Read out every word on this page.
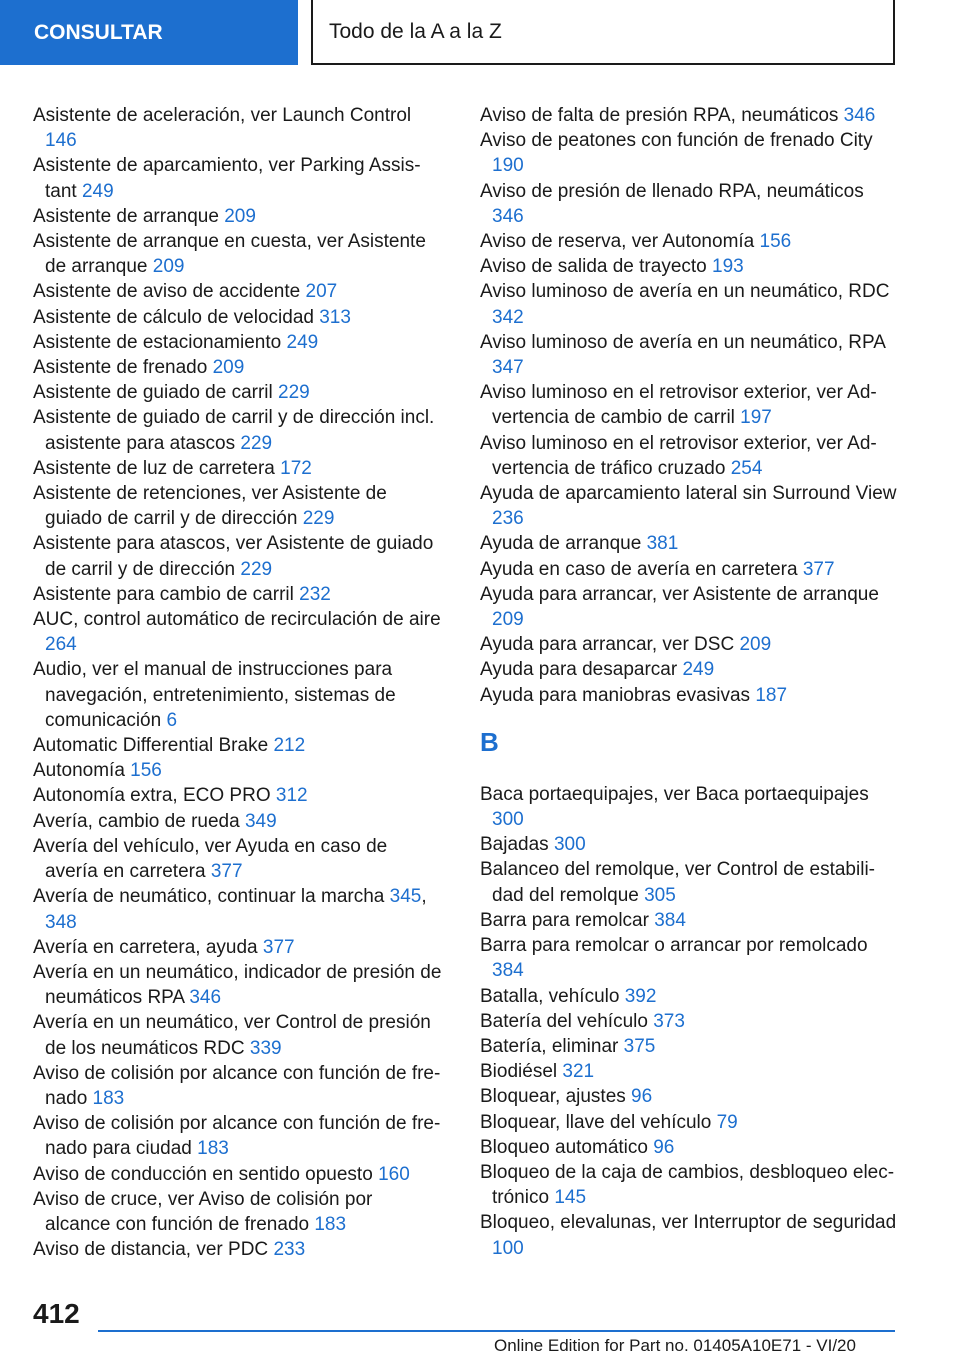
CONSULTAR	Todo de la A a la Z
Asistente de aceleración, ver Launch Control 146
Asistente de aparcamiento, ver Parking Assistant 249
Asistente de arranque 209
Asistente de arranque en cuesta, ver Asistente de arranque 209
Asistente de aviso de accidente 207
Asistente de cálculo de velocidad 313
Asistente de estacionamiento 249
Asistente de frenado 209
Asistente de guiado de carril 229
Asistente de guiado de carril y de dirección incl. asistente para atascos 229
Asistente de luz de carretera 172
Asistente de retenciones, ver Asistente de guiado de carril y de dirección 229
Asistente para atascos, ver Asistente de guiado de carril y de dirección 229
Asistente para cambio de carril 232
AUC, control automático de recirculación de aire 264
Audio, ver el manual de instrucciones para navegación, entretenimiento, sistemas de comunicación 6
Automatic Differential Brake 212
Autonomía 156
Autonomía extra, ECO PRO 312
Avería, cambio de rueda 349
Avería del vehículo, ver Ayuda en caso de avería en carretera 377
Avería de neumático, continuar la marcha 345, 348
Avería en carretera, ayuda 377
Avería en un neumático, indicador de presión de neumáticos RPA 346
Avería en un neumático, ver Control de presión de los neumáticos RDC 339
Aviso de colisión por alcance con función de frenado 183
Aviso de colisión por alcance con función de frenado para ciudad 183
Aviso de conducción en sentido opuesto 160
Aviso de cruce, ver Aviso de colisión por alcance con función de frenado 183
Aviso de distancia, ver PDC 233
Aviso de falta de presión RPA, neumáticos 346
Aviso de peatones con función de frenado City 190
Aviso de presión de llenado RPA, neumáticos 346
Aviso de reserva, ver Autonomía 156
Aviso de salida de trayecto 193
Aviso luminoso de avería en un neumático, RDC 342
Aviso luminoso de avería en un neumático, RPA 347
Aviso luminoso en el retrovisor exterior, ver Advertencia de cambio de carril 197
Aviso luminoso en el retrovisor exterior, ver Advertencia de tráfico cruzado 254
Ayuda de aparcamiento lateral sin Surround View 236
Ayuda de arranque 381
Ayuda en caso de avería en carretera 377
Ayuda para arrancar, ver Asistente de arranque 209
Ayuda para arrancar, ver DSC 209
Ayuda para desaparcar 249
Ayuda para maniobras evasivas 187
B
Baca portaequipajes, ver Baca portaequipajes 300
Bajadas 300
Balanceo del remolque, ver Control de estabilidad del remolque 305
Barra para remolcar 384
Barra para remolcar o arrancar por remolcado 384
Batalla, vehículo 392
Batería del vehículo 373
Batería, eliminar 375
Biodiésel 321
Bloquear, ajustes 96
Bloquear, llave del vehículo 79
Bloqueo automático 96
Bloqueo de la caja de cambios, desbloqueo electrónico 145
Bloqueo, elevalunas, ver Interruptor de seguridad 100
412
Online Edition for Part no. 01405A10E71 - VI/20
